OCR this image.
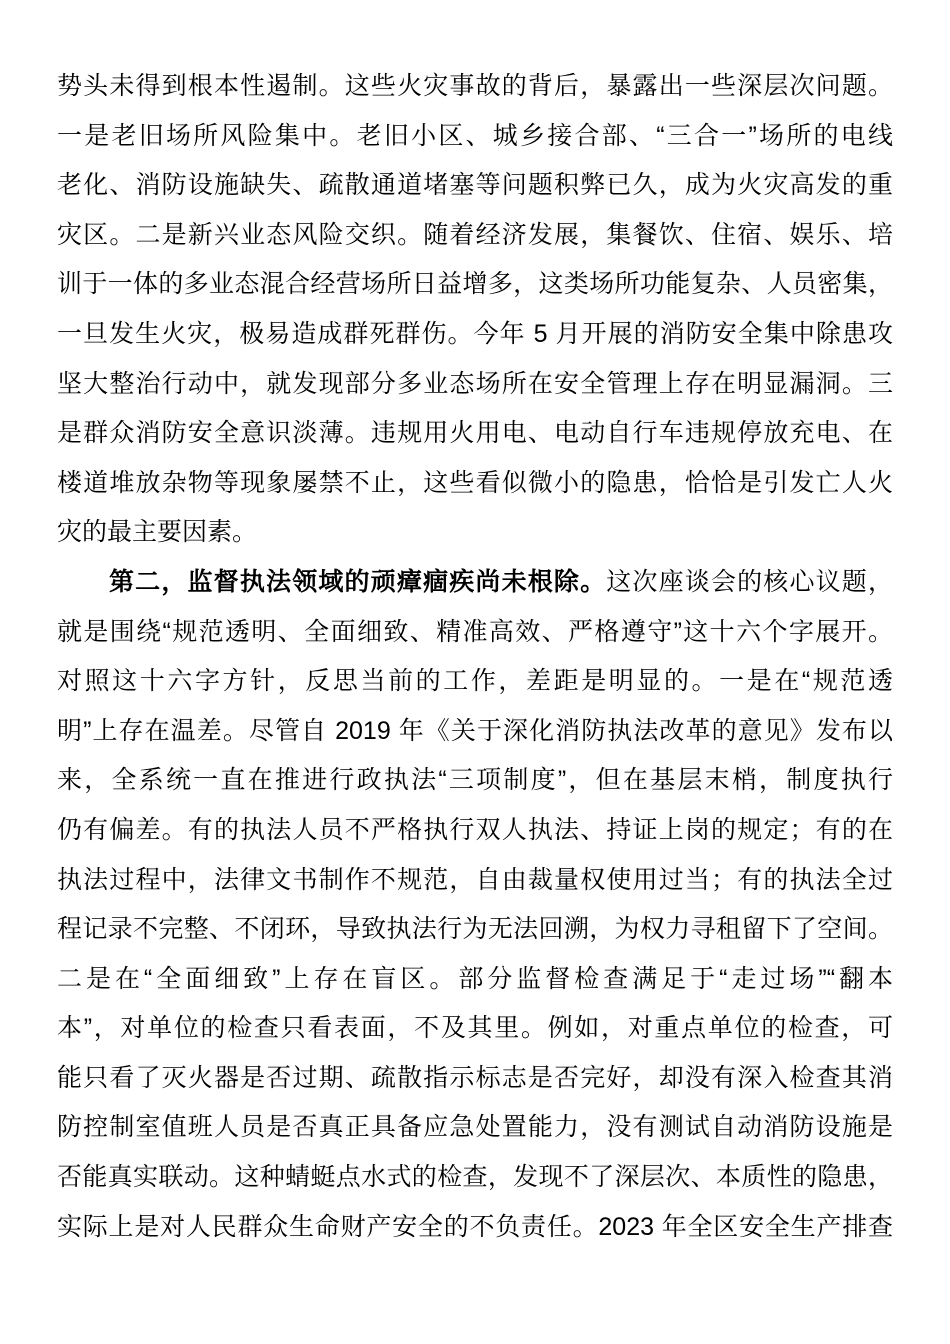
势头未得到根本性遏制。这些火灾事故的背后，暴露出一些深层次问题。
一是老旧场所风险集中。老旧小区、城乡接合部、“三合一”场所的电线
老化、消防设施缺失、疏散通道堵塞等问题积弊已久，成为火灾高发的重
灾区。二是新兴业态风险交织。随着经济发展，集餐饮、住宿、娱乐、培
训于一体的多业态混合经营场所日益增多，这类场所功能复杂、人员密集，
一旦发生火灾，极易造成群死群伤。今年 5 月开展的消防安全集中除患攻
坚大整治行动中，就发现部分多业态场所在安全管理上存在明显漏洞。三
是群众消防安全意识淡薄。违规用火用电、电动自行车违规停放充电、在
楼道堆放杂物等现象屡禁不止，这些看似微小的隐患，恰恰是引发亡人火
灾的最主要因素。
第二，监督执法领域的顽瘴痼疾尚未根除。这次座谈会的核心议题，
就是围绕“规范透明、全面细致、精准高效、严格遵守”这十六个字展开。
对照这十六字方针，反思当前的工作，差距是明显的。一是在“规范透
明”上存在温差。尽管自 2019 年《关于深化消防执法改革的意见》发布以
来，全系统一直在推进行政执法“三项制度”，但在基层末梢，制度执行
仍有偏差。有的执法人员不严格执行双人执法、持证上岗的规定；有的在
执法过程中，法律文书制作不规范，自由裁量权使用过当；有的执法全过
程记录不完整、不闭环，导致执法行为无法回溯，为权力寻租留下了空间。
二是在“全面细致”上存在盲区。部分监督检查满足于“走过场”“翻本
本”，对单位的检查只看表面，不及其里。例如，对重点单位的检查，可
能只看了灭火器是否过期、疏散指示标志是否完好，却没有深入检查其消
防控制室值班人员是否真正具备应急处置能力，没有测试自动消防设施是
否能真实联动。这种蜻蜓点水式的检查，发现不了深层次、本质性的隐患，
实际上是对人民群众生命财产安全的不负责任。2023 年全区安全生产排查
